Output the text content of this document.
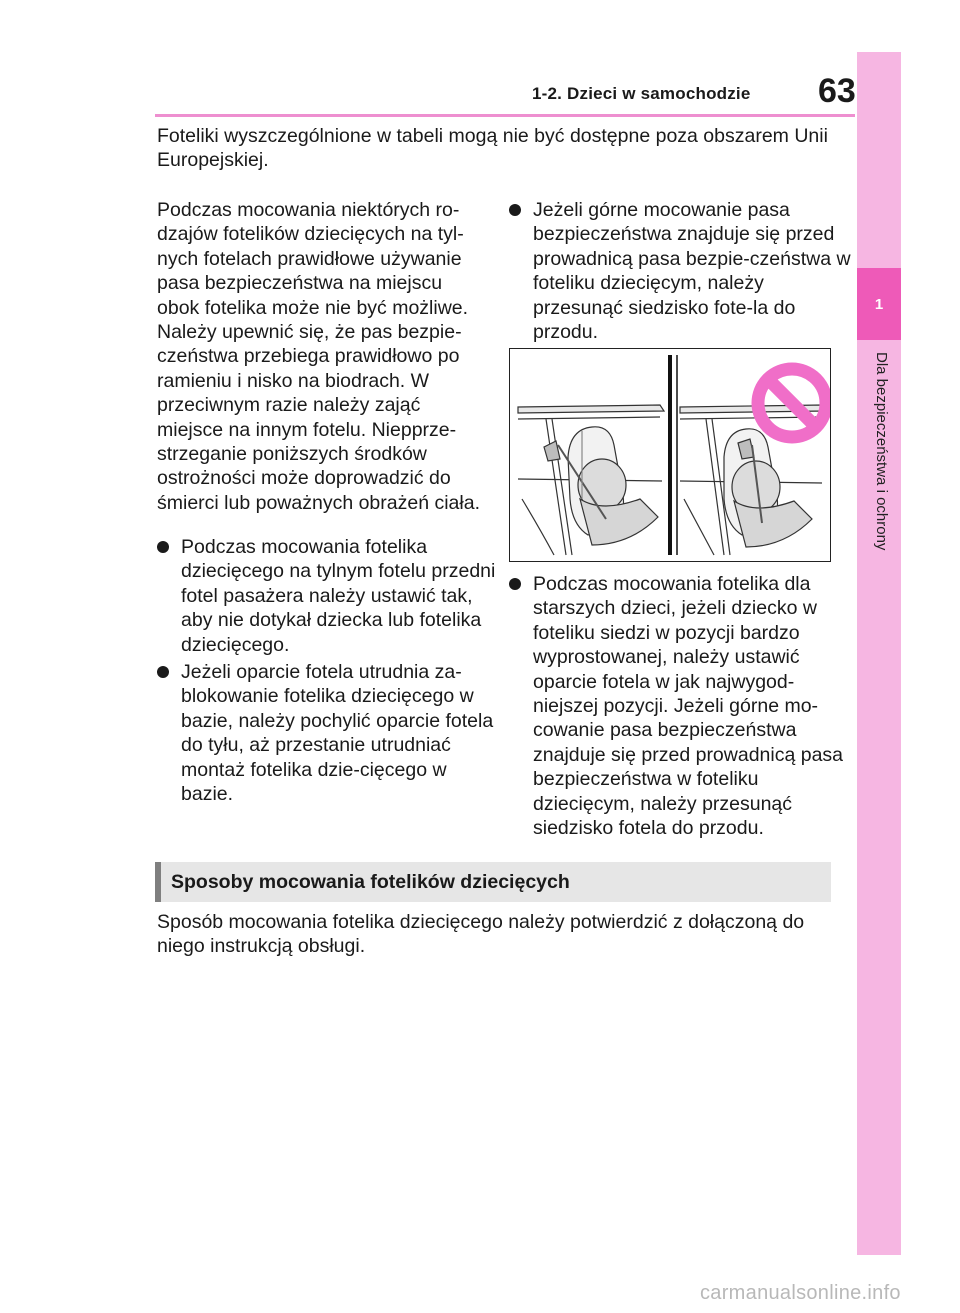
1-2. Dzieci w samochodzie 63
1
Dla bezpieczeństwa i ochrony

Foteliki wyszczególnione w tabeli mogą nie być dostępne poza obszarem Unii Europejskiej.

Podczas mocowania niektórych ro-dzajów fotelików dziecięcych na tyl-nych fotelach prawidłowe używanie pasa bezpieczeństwa na miejscu obok fotelika może nie być możliwe. Należy upewnić się, że pas bezpie-czeństwa przebiega prawidłowo po ramieniu i nisko na biodrach. W przeciwnym razie należy zająć miejsce na innym fotelu. Niepprze-strzeganie poniższych środków ostrożności może doprowadzić do śmierci lub poważnych obrażeń ciała.

Podczas mocowania fotelika dziecięcego na tylnym fotelu przedni fotel pasażera należy ustawić tak, aby nie dotykał dziecka lub fotelika dziecięcego.
Jeżeli oparcie fotela utrudnia za-blokowanie fotelika dziecięcego w bazie, należy pochylić oparcie fotela do tyłu, aż przestanie utrudniać montaż fotelika dzie-cięcego w bazie.
Jeżeli górne mocowanie pasa bezpieczeństwa znajduje się przed prowadnicą pasa bezpie-czeństwa w foteliku dziecięcym, należy przesunąć siedzisko fote-la do przodu.
Podczas mocowania fotelika dla starszych dzieci, jeżeli dziecko w foteliku siedzi w pozycji bardzo wyprostowanej, należy ustawić oparcie fotela w jak najwygod-niejszej pozycji. Jeżeli górne mo-cowanie pasa bezpieczeństwa znajduje się przed prowadnicą pasa bezpieczeństwa w foteliku dziecięcym, należy przesunąć siedzisko fotela do przodu.
Sposoby mocowania fotelików dziecięcych

Sposób mocowania fotelika dziecięcego należy potwierdzić z dołączoną do niego instrukcją obsługi.

carmanualsonline.info
